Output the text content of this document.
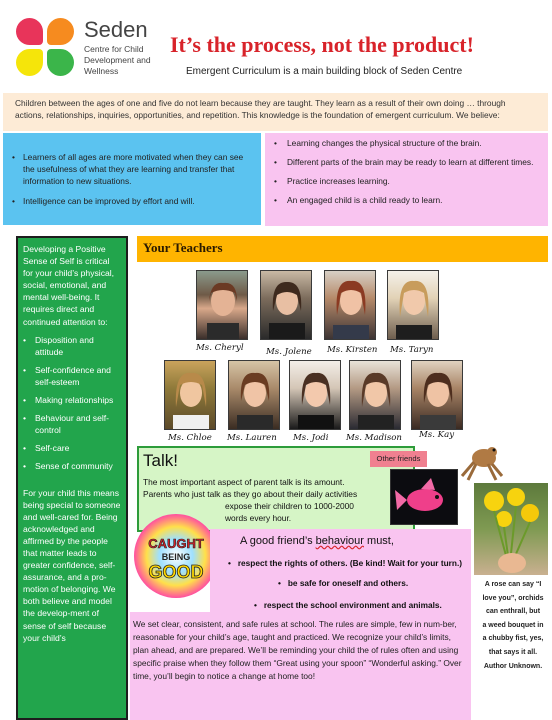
Seden
Centre for Child Development and Wellness
It’s the process, not the product!
Emergent Curriculum is a main building block of Seden Centre
Children between the ages of one and five do not learn because they are taught. They learn as a result of their own doing … through actions, relationships, inquiries, opportunities, and repetition. This knowledge is the foundation of emergent curriculum. We believe:
• Learners of all ages are more motivated when they can see the usefulness of what they are learning and transfer that information to new situations.
• Intelligence can be improved by effort and will.
• Learning changes the physical structure of the brain.
• Different parts of the brain may be ready to learn at different times.
• Practice increases learning.
• An engaged child is a child ready to learn.
Developing a Positive Sense of Self is critical for your child’s physical, social, emotional, and mental well-being. It requires direct and continued attention to:
• Disposition and attitude
• Self-confidence and self-esteem
• Making relationships
• Behaviour and self-control
• Self-care
• Sense of community
For your child this means being special to someone and well-cared for. Being acknowledged and affirmed by the people that matter leads to greater confidence, self-assurance, and a pro-motion of belonging. We both believe and model the develop-ment of sense of self because your child’s
Your Teachers
Ms. Cheryl	Ms. Jolene Ms. Kirsten Ms. Taryn
Ms. Chloe Ms. Lauren Ms. Jodi Ms. Madison Ms. Kay
Talk!
The most important aspect of parent talk is its amount.
Parents who just talk as they go about their daily activities
expose their children to 1000-2000
words every hour.
Other friends
CAUGHT
BEING
GOOD
A good friend’s behaviour must,
•   respect the rights of others. (Be kind! Wait for your turn.)
•   be safe for oneself and others.
•   respect the school environment and animals.
We set clear, consistent, and safe rules at school. The rules are simple, few in num-ber, reasonable for your child’s age, taught and practiced. We recognize your child’s limits, plan ahead, and are prepared. We’ll be reminding your child the of rules often and using specific praise when they follow them “Great using your spoon” “Wonderful asking.” Over time, you’ll begin to notice a change at home too!
A rose can say “I
love you”, orchids
can enthrall, but
a weed bouquet in
a chubby fist, yes,
that says it all.
Author Unknown.
